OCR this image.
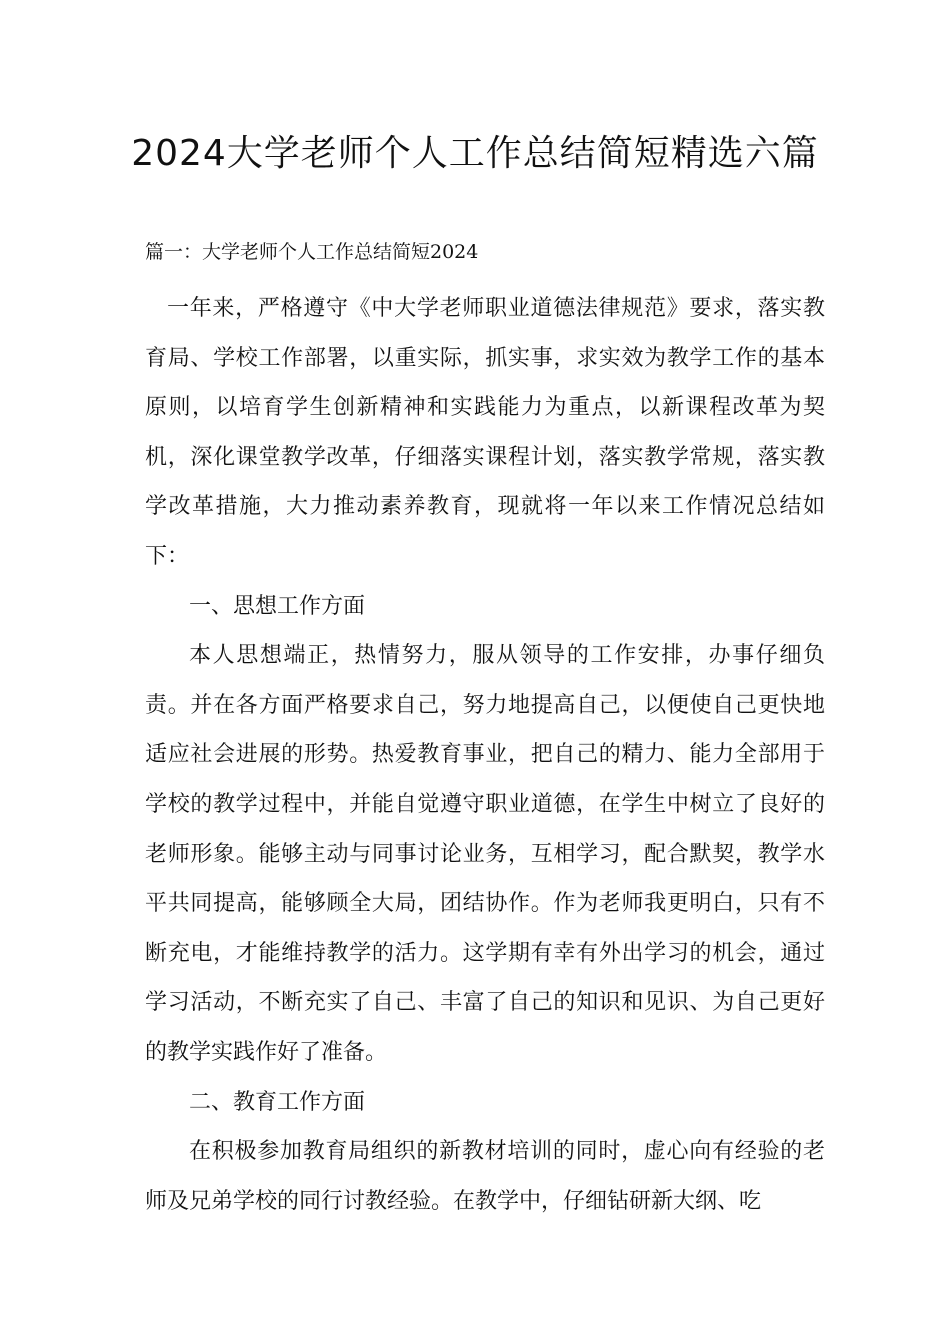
2024大学老师个人工作总结简短精选六篇

篇一：大学老师个人工作总结简短2024

一年来，严格遵守《中大学老师职业道德法律规范》要求，落实教育局、学校工作部署，以重实际，抓实事，求实效为教学工作的基本原则，以培育学生创新精神和实践能力为重点，以新课程改革为契机，深化课堂教学改革，仔细落实课程计划，落实教学常规，落实教学改革措施，大力推动素养教育，现就将一年以来工作情况总结如下：

一、思想工作方面

本人思想端正，热情努力，服从领导的工作安排，办事仔细负责。并在各方面严格要求自己，努力地提高自己，以便使自己更快地适应社会进展的形势。热爱教育事业，把自己的精力、能力全部用于学校的教学过程中，并能自觉遵守职业道德，在学生中树立了良好的老师形象。能够主动与同事讨论业务，互相学习，配合默契，教学水平共同提高，能够顾全大局，团结协作。作为老师我更明白，只有不断充电，才能维持教学的活力。这学期有幸有外出学习的机会，通过学习活动，不断充实了自己、丰富了自己的知识和见识、为自己更好的教学实践作好了准备。

二、教育工作方面

在积极参加教育局组织的新教材培训的同时，虚心向有经验的老师及兄弟学校的同行讨教经验。在教学中，仔细钻研新大纲、吃
